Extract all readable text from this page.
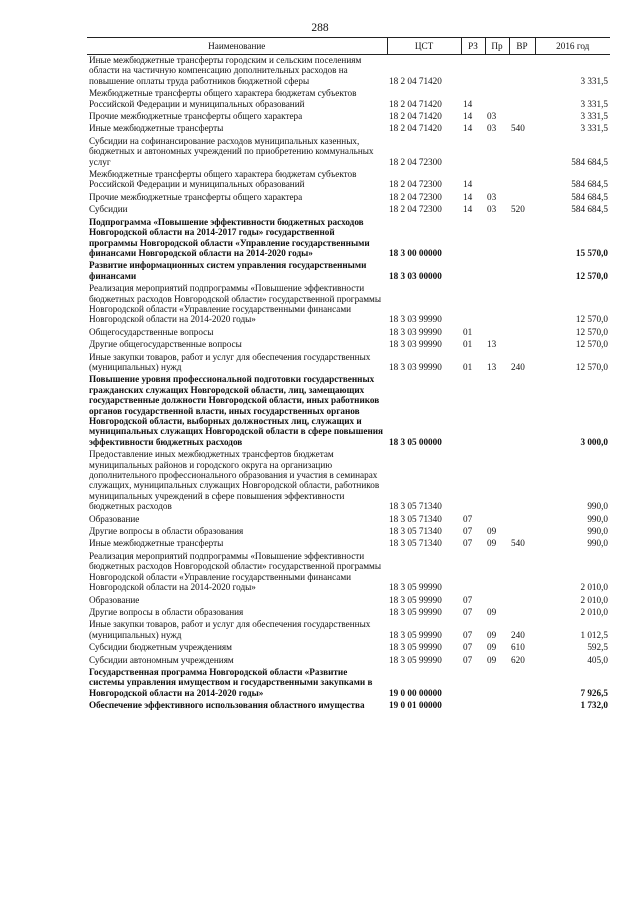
288
Наименование	ЦСТ	РЗ	Пр	ВР	2016 год
Иные межбюджетные трансферты городским и сельским поселениям области на частичную компенсацию дополнительных расходов на повышение оплаты труда работников бюджетной сферы	18 2 04 71420				3 331,5
Межбюджетные трансферты общего характера бюджетам субъектов Российской Федерации и муниципальных образований	18 2 04 71420	14			3 331,5
Прочие межбюджетные трансферты общего характера	18 2 04 71420	14	03		3 331,5
Иные межбюджетные трансферты	18 2 04 71420	14	03	540	3 331,5
Субсидии на софинансирование расходов муниципальных казенных, бюджетных и автономных учреждений по приобретению коммунальных услуг	18 2 04 72300				584 684,5
Межбюджетные трансферты общего характера бюджетам субъектов Российской Федерации и муниципальных образований	18 2 04 72300	14			584 684,5
Прочие межбюджетные трансферты общего характера	18 2 04 72300	14	03		584 684,5
Субсидии	18 2 04 72300	14	03	520	584 684,5
Подпрограмма «Повышение эффективности бюджетных расходов Новгородской области на 2014-2017 годы» государственной программы Новгородской области «Управление государственными финансами Новгородской области на 2014-2020 годы»	18 3 00 00000				15 570,0
Развитие информационных систем управления государственными финансами	18 3 03 00000				12 570,0
Реализация мероприятий подпрограммы «Повышение эффективности бюджетных расходов Новгородской области» государственной программы Новгородской области «Управление государственными финансами Новгородской области на 2014-2020 годы»	18 3 03 99990				12 570,0
Общегосударственные вопросы	18 3 03 99990	01			12 570,0
Другие общегосударственные вопросы	18 3 03 99990	01	13		12 570,0
Иные закупки товаров, работ и услуг для обеспечения государственных (муниципальных) нужд	18 3 03 99990	01	13	240	12 570,0
Повышение уровня профессиональной подготовки государственных гражданских служащих Новгородской области, лиц, замещающих государственные должности Новгородской области, иных работников органов государственной власти, иных государственных органов Новгородской области, выборных должностных лиц, служащих и муниципальных служащих Новгородской области в сфере повышения эффективности бюджетных расходов	18 3 05 00000				3 000,0
Предоставление иных межбюджетных трансфертов бюджетам муниципальных районов и городского округа на организацию дополнительного профессионального образования и участия в семинарах служащих, муниципальных служащих Новгородской области, работников муниципальных учреждений в сфере повышения эффективности бюджетных расходов	18 3 05 71340				990,0
Образование	18 3 05 71340	07			990,0
Другие вопросы в области образования	18 3 05 71340	07	09		990,0
Иные межбюджетные трансферты	18 3 05 71340	07	09	540	990,0
Реализация мероприятий подпрограммы «Повышение эффективности бюджетных расходов Новгородской области» государственной программы Новгородской области «Управление государственными финансами Новгородской области на 2014-2020 годы»	18 3 05 99990				2 010,0
Образование	18 3 05 99990	07			2 010,0
Другие вопросы в области образования	18 3 05 99990	07	09		2 010,0
Иные закупки товаров, работ и услуг для обеспечения государственных (муниципальных) нужд	18 3 05 99990	07	09	240	1 012,5
Субсидии бюджетным учреждениям	18 3 05 99990	07	09	610	592,5
Субсидии автономным учреждениям	18 3 05 99990	07	09	620	405,0
Государственная программа Новгородской области «Развитие системы управления имуществом и государственными закупками в Новгородской области на 2014-2020 годы»	19 0 00 00000				7 926,5
Обеспечение эффективного использования областного имущества	19 0 01 00000				1 732,0
